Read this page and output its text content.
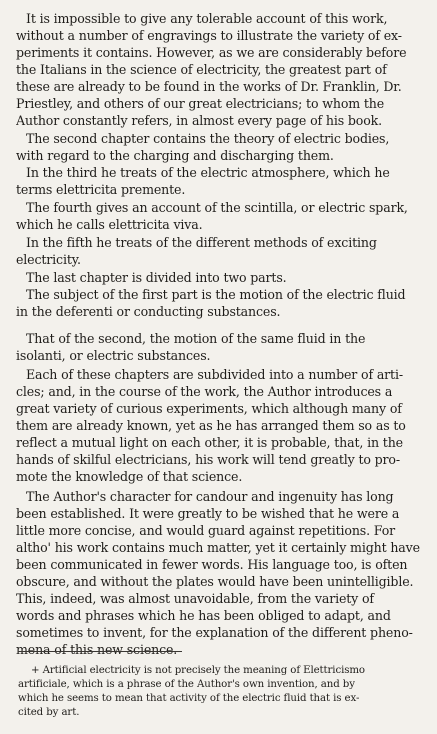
It is impossible to give any tolerable account of this work,
without a number of engravings to illustrate the variety of ex-
periments it contains. However, as we are considerably before
the Italians in the science of electricity, the greatest part of
these are already to be found in the works of Dr. Franklin, Dr.
Priestley, and others of our great electricians; to whom the
Author constantly refers, in almost every page of his book.
The second chapter contains the theory of electric bodies,
with regard to the charging and discharging them.
In the third he treats of the electric atmosphere, which he
terms elettricita premente.
The fourth gives an account of the scintilla, or electric spark,
which he calls elettricita viva.
In the fifth he treats of the different methods of exciting
electricity.
The last chapter is divided into two parts.
The subject of the first part is the motion of the electric fluid
in the deferenti or conducting substances.
That of the second, the motion of the same fluid in the
isolanti, or electric substances.
Each of these chapters are subdivided into a number of arti-
cles; and, in the course of the work, the Author introduces a
great variety of curious experiments, which although many of
them are already known, yet as he has arranged them so as to
reflect a mutual light on each other, it is probable, that, in the
hands of skilful electricians, his work will tend greatly to pro-
mote the knowledge of that science.
The Author's character for candour and ingenuity has long
been established. It were greatly to be wished that he were a
little more concise, and would guard against repetitions. For
altho' his work contains much matter, yet it certainly might have
been communicated in fewer words. His language too, is often
obscure, and without the plates would have been unintelligible.
This, indeed, was almost unavoidable, from the variety of
words and phrases which he has been obliged to adapt, and
sometimes to invent, for the explanation of the different pheno-
mena of this new science.
+ Artificial electricity is not precisely the meaning of Elettricismo
artificiale, which is a phrase of the Author's own invention, and by
which he seems to mean that activity of the electric fluid that is ex-
cited by art.
